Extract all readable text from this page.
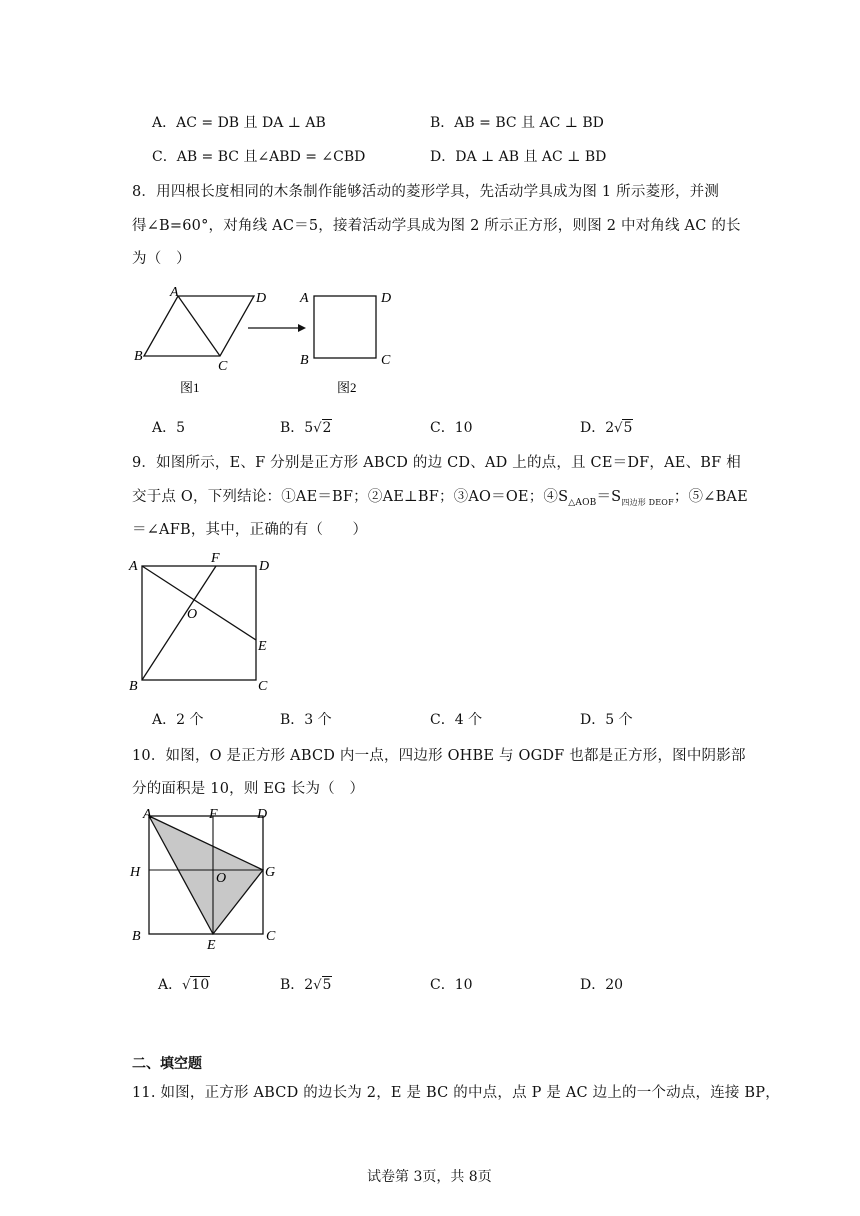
A．AC = DB 且 DA ⊥ AB	B．AB = BC 且 AC ⊥ BD
C．AB = BC 且∠ABD = ∠CBD	D．DA ⊥ AB 且 AC ⊥ BD
8．用四根长度相同的木条制作能够活动的菱形学具，先活动学具成为图 1 所示菱形，并测
得∠B=60°，对角线 AC＝5，接着活动学具成为图 2 所示正方形，则图 2 中对角线 AC 的长
为（　）
A	D
B
C
图1
A	D
B	C
图2
A．5	B．5√2	C．10	D．2√5
9．如图所示，E、F 分别是正方形 ABCD 的边 CD、AD 上的点，且 CE＝DF，AE、BF 相
交于点 O，下列结论：①AE＝BF；②AE⊥BF；③AO＝OE；$④S_{\triangle AOB}=S_{四边形 DEOF}$；⑤∠BAE
＝∠AFB，其中，正确的有（　　）
A
F
D
O
E
B	C
A．2 个	B．3 个	C．4 个	D．5 个
10．如图，O 是正方形 ABCD 内一点，四边形 OHBE 与 OGDF 也都是正方形，图中阴影部
分的面积是 10，则 EG 长为（　）
A	F	D
H	O	G
B
E
C
A．√10	B．2√5	C．10	D．20
二、填空题
11. 如图，正方形 ABCD 的边长为 2，E 是 BC 的中点，点 P 是 AC 边上的一个动点，连接 BP，
试卷第 3页，共 8页
